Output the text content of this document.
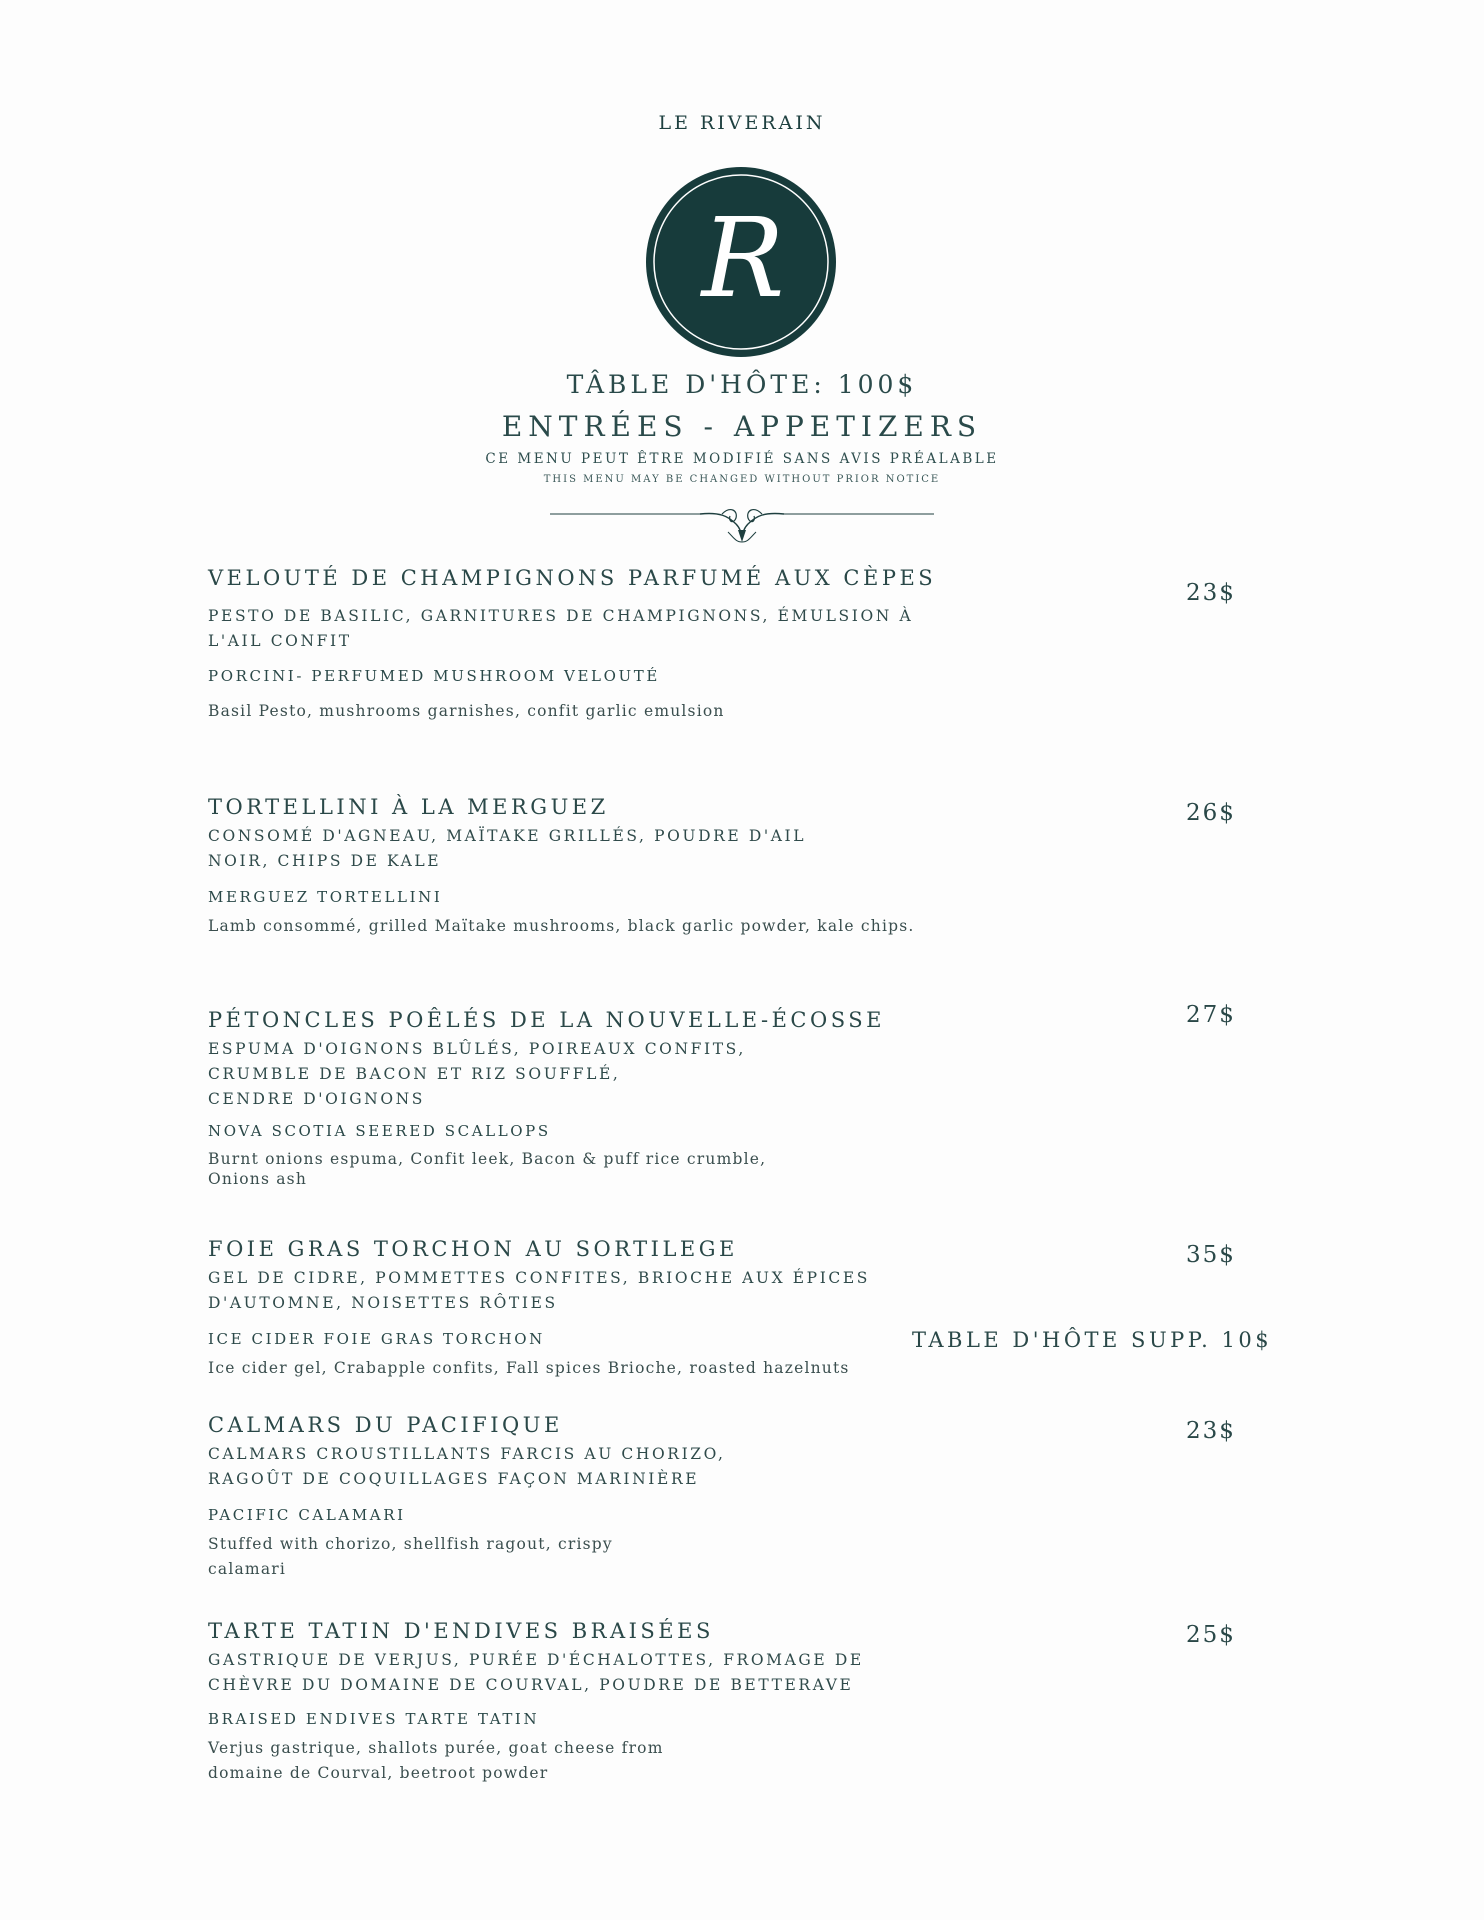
LE RIVERAIN
R
TÂBLE D'HÔTE: 100$
ENTRÉES - APPETIZERS
CE MENU PEUT ÊTRE MODIFIÉ SANS AVIS PRÉALABLE
THIS MENU MAY BE CHANGED WITHOUT PRIOR NOTICE
VELOUTÉ DE CHAMPIGNONS PARFUMÉ AUX CÈPES
PESTO DE BASILIC, GARNITURES DE CHAMPIGNONS, ÉMULSION À
L'AIL CONFIT
PORCINI- PERFUMED MUSHROOM VELOUTÉ
Basil Pesto, mushrooms garnishes, confit garlic emulsion
23$
TORTELLINI À LA MERGUEZ
CONSOMÉ D'AGNEAU, MAÏTAKE GRILLÉS, POUDRE D'AIL
NOIR, CHIPS DE KALE
MERGUEZ TORTELLINI
Lamb consommé, grilled Maïtake mushrooms, black garlic powder, kale chips.
26$
PÉTONCLES POÊLÉS DE LA NOUVELLE-ÉCOSSE
ESPUMA D'OIGNONS BLÛLÉS, POIREAUX CONFITS,
CRUMBLE DE BACON ET RIZ SOUFFLÉ,
CENDRE D'OIGNONS
NOVA SCOTIA SEERED SCALLOPS
Burnt onions espuma, Confit leek, Bacon & puff rice crumble,
Onions ash
27$
FOIE GRAS TORCHON AU SORTILEGE
GEL DE CIDRE, POMMETTES CONFITES, BRIOCHE AUX ÉPICES
D'AUTOMNE, NOISETTES RÔTIES
ICE CIDER FOIE GRAS TORCHON
Ice cider gel, Crabapple confits, Fall spices Brioche, roasted hazelnuts
35$
TABLE D'HÔTE SUPP. 10$
CALMARS DU PACIFIQUE
CALMARS CROUSTILLANTS FARCIS AU CHORIZO,
RAGOÛT DE COQUILLAGES FAÇON MARINIÈRE
PACIFIC CALAMARI
Stuffed with chorizo, shellfish ragout, crispy
calamari
23$
TARTE TATIN D'ENDIVES BRAISÉES
GASTRIQUE DE VERJUS, PURÉE D'ÉCHALOTTES, FROMAGE DE
CHÈVRE DU DOMAINE DE COURVAL, POUDRE DE BETTERAVE
BRAISED ENDIVES TARTE TATIN
Verjus gastrique, shallots purée, goat cheese from
domaine de Courval, beetroot powder
25$
